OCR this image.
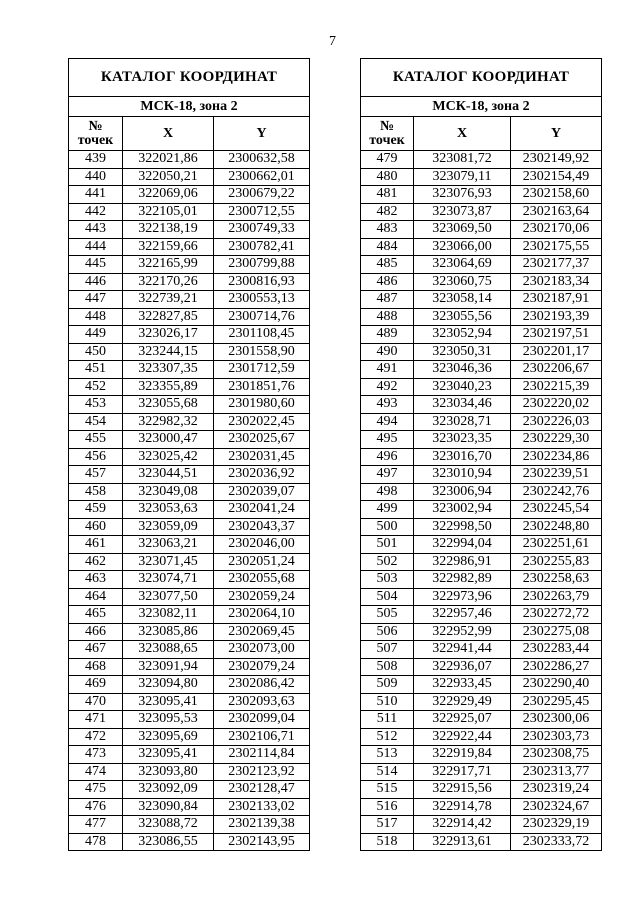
7
КАТАЛОГ КООРДИНАТ		
МСК-18, зона 2		
№
точек	X	Y
439	322021,86	2300632,58
440	322050,21	2300662,01
441	322069,06	2300679,22
442	322105,01	2300712,55
443	322138,19	2300749,33
444	322159,66	2300782,41
445	322165,99	2300799,88
446	322170,26	2300816,93
447	322739,21	2300553,13
448	322827,85	2300714,76
449	323026,17	2301108,45
450	323244,15	2301558,90
451	323307,35	2301712,59
452	323355,89	2301851,76
453	323055,68	2301980,60
454	322982,32	2302022,45
455	323000,47	2302025,67
456	323025,42	2302031,45
457	323044,51	2302036,92
458	323049,08	2302039,07
459	323053,63	2302041,24
460	323059,09	2302043,37
461	323063,21	2302046,00
462	323071,45	2302051,24
463	323074,71	2302055,68
464	323077,50	2302059,24
465	323082,11	2302064,10
466	323085,86	2302069,45
467	323088,65	2302073,00
468	323091,94	2302079,24
469	323094,80	2302086,42
470	323095,41	2302093,63
471	323095,53	2302099,04
472	323095,69	2302106,71
473	323095,41	2302114,84
474	323093,80	2302123,92
475	323092,09	2302128,47
476	323090,84	2302133,02
477	323088,72	2302139,38
478	323086,55	2302143,95
КАТАЛОГ КООРДИНАТ		
МСК-18, зона 2		
№
точек	X	Y
479	323081,72	2302149,92
480	323079,11	2302154,49
481	323076,93	2302158,60
482	323073,87	2302163,64
483	323069,50	2302170,06
484	323066,00	2302175,55
485	323064,69	2302177,37
486	323060,75	2302183,34
487	323058,14	2302187,91
488	323055,56	2302193,39
489	323052,94	2302197,51
490	323050,31	2302201,17
491	323046,36	2302206,67
492	323040,23	2302215,39
493	323034,46	2302220,02
494	323028,71	2302226,03
495	323023,35	2302229,30
496	323016,70	2302234,86
497	323010,94	2302239,51
498	323006,94	2302242,76
499	323002,94	2302245,54
500	322998,50	2302248,80
501	322994,04	2302251,61
502	322986,91	2302255,83
503	322982,89	2302258,63
504	322973,96	2302263,79
505	322957,46	2302272,72
506	322952,99	2302275,08
507	322941,44	2302283,44
508	322936,07	2302286,27
509	322933,45	2302290,40
510	322929,49	2302295,45
511	322925,07	2302300,06
512	322922,44	2302303,73
513	322919,84	2302308,75
514	322917,71	2302313,77
515	322915,56	2302319,24
516	322914,78	2302324,67
517	322914,42	2302329,19
518	322913,61	2302333,72
